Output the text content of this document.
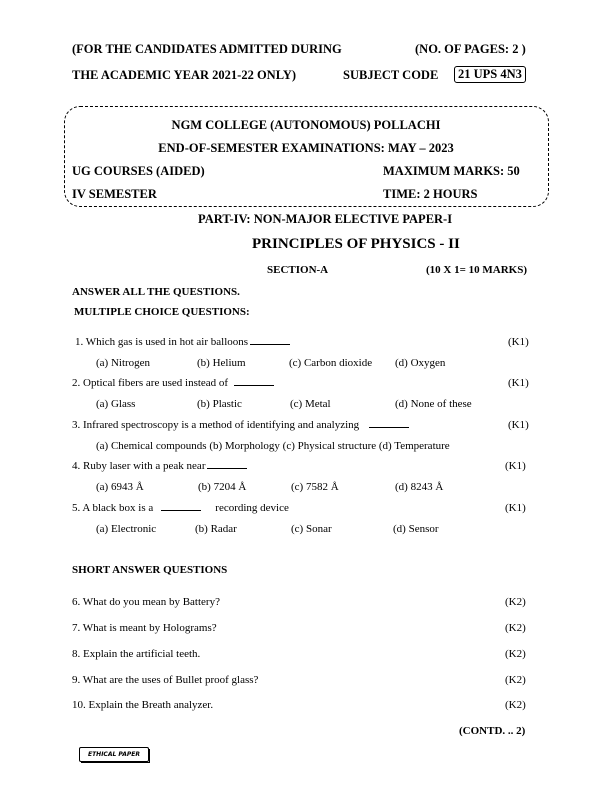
(FOR THE CANDIDATES ADMITTED DURING	(NO. OF PAGES: 2 )
THE ACADEMIC YEAR 2021-22 ONLY)	SUBJECT CODE	21 UPS 4N3
NGM COLLEGE (AUTONOMOUS) POLLACHI
END-OF-SEMESTER EXAMINATIONS: MAY – 2023
UG COURSES (AIDED)	MAXIMUM MARKS: 50
IV SEMESTER	TIME: 2 HOURS
PART-IV: NON-MAJOR ELECTIVE PAPER-I
PRINCIPLES OF PHYSICS - II
SECTION-A	(10 X 1= 10 MARKS)
ANSWER ALL THE QUESTIONS.
MULTIPLE CHOICE QUESTIONS:
1. Which gas is used in hot air balloons	(K1)
(a) Nitrogen	(b) Helium	(c) Carbon dioxide (d) Oxygen
2. Optical fibers are used instead of	(K1)
(a) Glass	(b) Plastic	(c) Metal	(d) None of these
3. Infrared spectroscopy is a method of identifying and analyzing	(K1)
(a) Chemical compounds (b) Morphology (c) Physical structure (d) Temperature
4. Ruby laser with a peak near	(K1)
(a) 6943 Å	(b) 7204 Å	(c) 7582 Å	(d) 8243 Å
5. A black box is a	recording device	(K1)
(a) Electronic	(b) Radar	(c) Sonar	(d) Sensor
SHORT ANSWER QUESTIONS
6. What do you mean by Battery?	(K2)
7. What is meant by Holograms?	(K2)
8. Explain the artificial teeth.	(K2)
9. What are the uses of Bullet proof glass?	(K2)
10. Explain the Breath analyzer.	(K2)
(CONTD. .. 2)
ETHICAL PAPER
